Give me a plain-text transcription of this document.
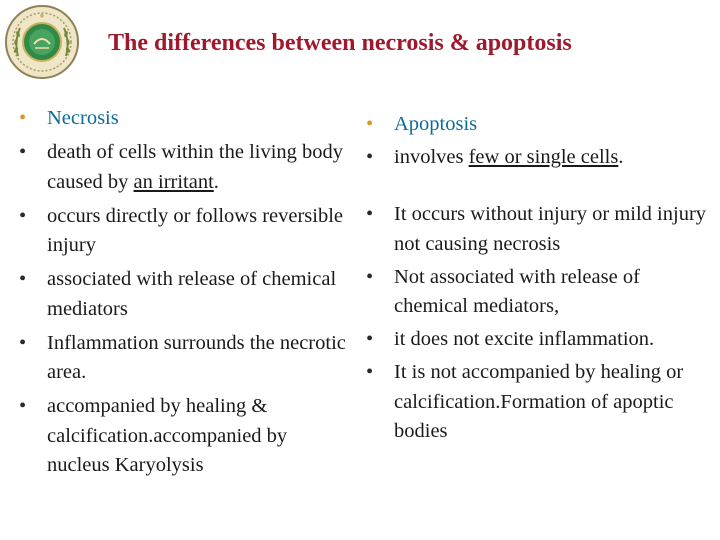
The differences between necrosis & apoptosis
•	Necrosis
•	death of cells within the living body caused by an irritant.
•	occurs directly or follows reversible injury
•	associated with release of chemical mediators
•	Inflammation surrounds the necrotic area.
•	accompanied by healing & calcification.accompanied by nucleus Karyolysis
•	Apoptosis
•	involves few or single cells.
•	It occurs without injury or mild injury not causing necrosis
•	Not associated with release of chemical mediators,
•	it does not excite inflammation.
•	It is not accompanied by healing or calcification.Formation of apoptic bodies
